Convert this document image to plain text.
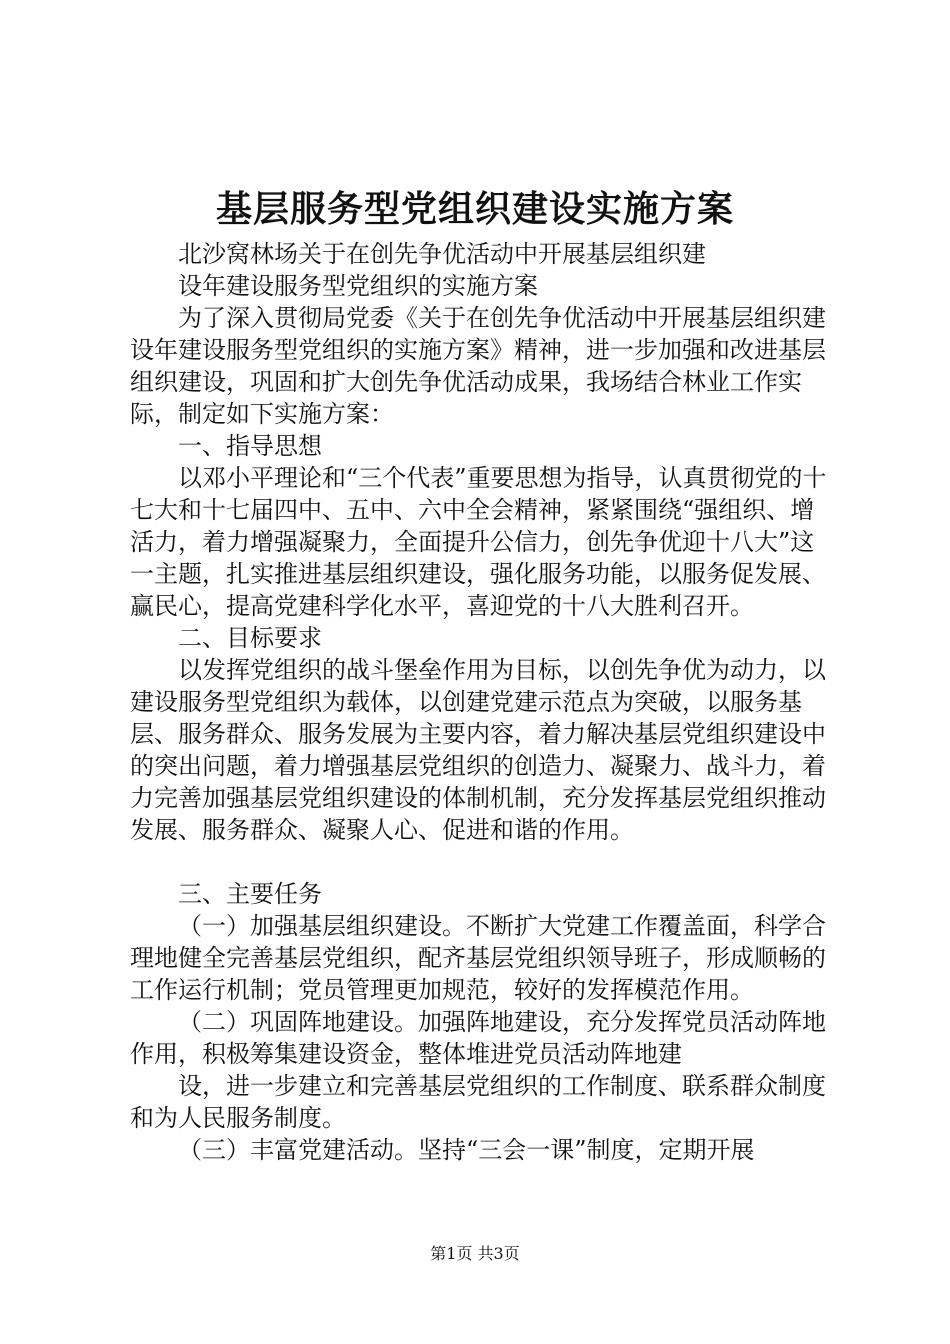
基层服务型党组织建设实施方案

北沙窝林场关于在创先争优活动中开展基层组织建

设年建设服务型党组织的实施方案

为了深入贯彻局党委《关于在创先争优活动中开展基层组织建设年建设服务型党组织的实施方案》精神，进一步加强和改进基层组织建设，巩固和扩大创先争优活动成果，我场结合林业工作实际，制定如下实施方案：

一、指导思想

以邓小平理论和“三个代表”重要思想为指导，认真贯彻党的十七大和十七届四中、五中、六中全会精神，紧紧围绕“强组织、增活力，着力增强凝聚力，全面提升公信力，创先争优迎十八大”这一主题，扎实推进基层组织建设，强化服务功能，以服务促发展、赢民心，提高党建科学化水平，喜迎党的十八大胜利召开。

二、目标要求

以发挥党组织的战斗堡垒作用为目标，以创先争优为动力，以建设服务型党组织为载体，以创建党建示范点为突破，以服务基层、服务群众、服务发展为主要内容，着力解决基层党组织建设中的突出问题，着力增强基层党组织的创造力、凝聚力、战斗力，着力完善加强基层党组织建设的体制机制，充分发挥基层党组织推动发展、服务群众、凝聚人心、促进和谐的作用。

三、主要任务

（一）加强基层组织建设。不断扩大党建工作覆盖面，科学合理地健全完善基层党组织，配齐基层党组织领导班子，形成顺畅的工作运行机制；党员管理更加规范，较好的发挥模范作用。

（二）巩固阵地建设。加强阵地建设，充分发挥党员活动阵地作用，积极筹集建设资金，整体堆进党员活动阵地建

设，进一步建立和完善基层党组织的工作制度、联系群众制度和为人民服务制度。

（三）丰富党建活动。坚持“三会一课”制度，定期开展

第1页 共3页
